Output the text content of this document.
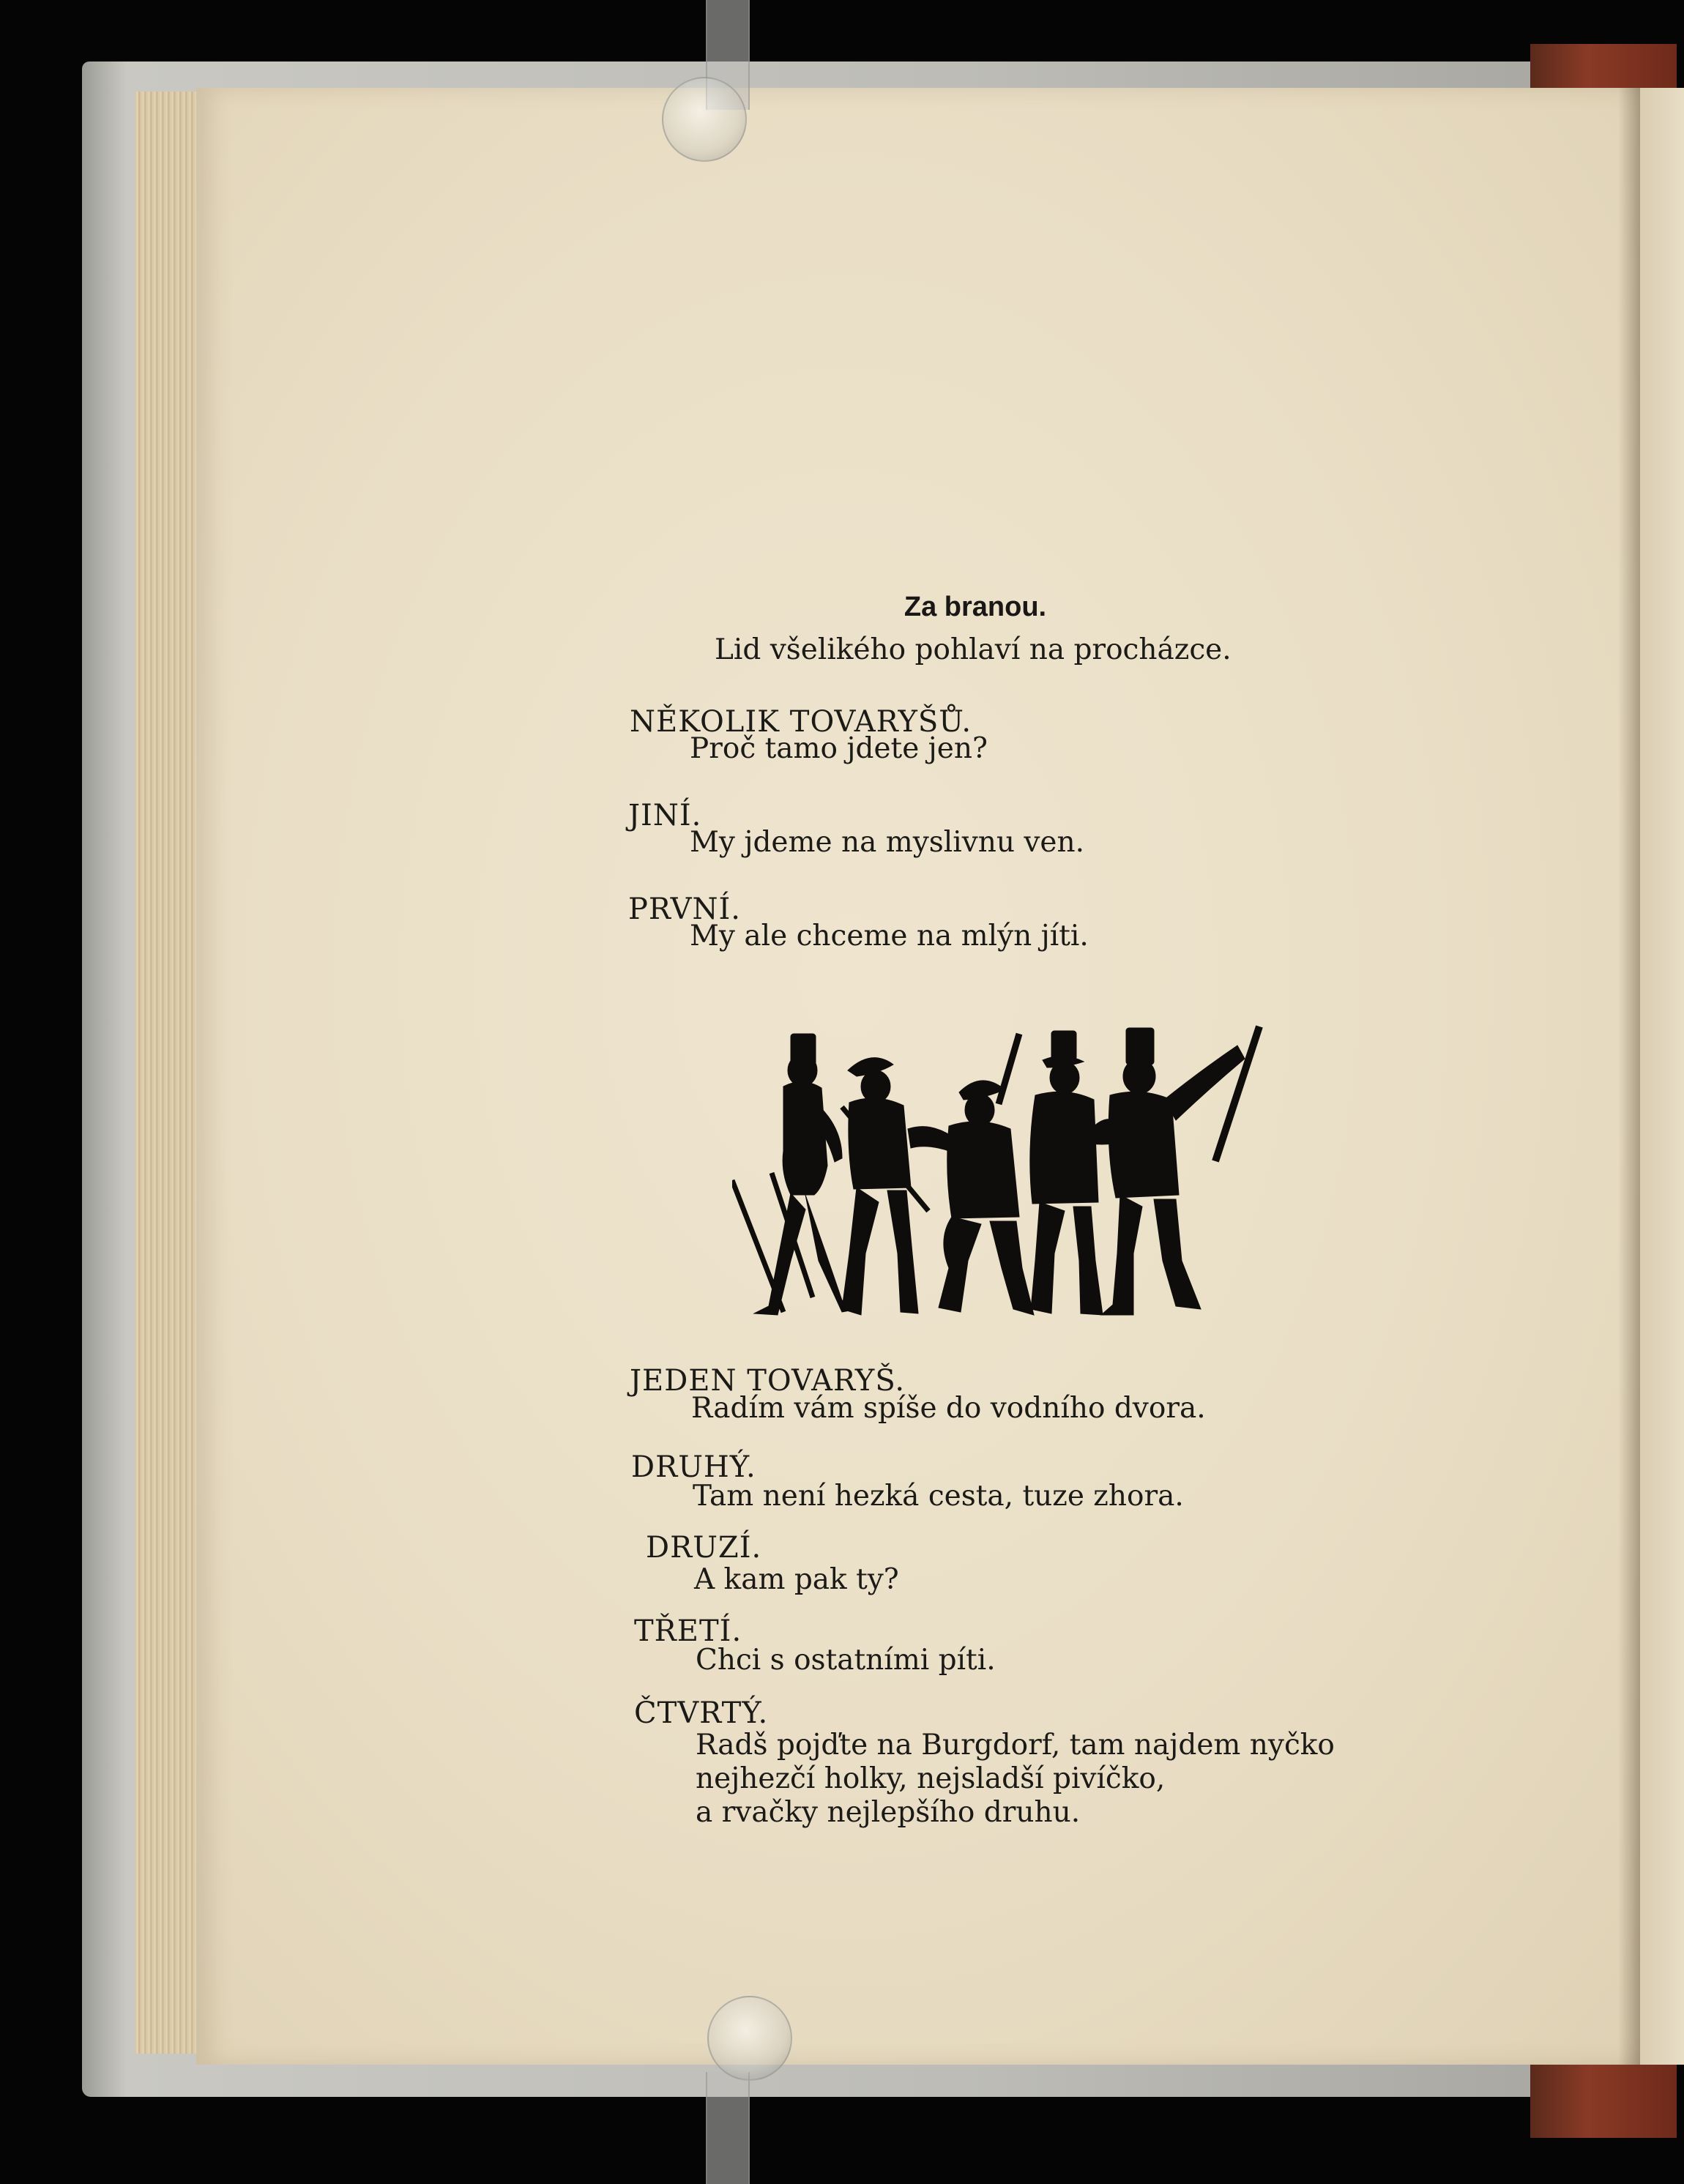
Za branou.
Lid všelikého pohlaví na procházce.
NĚKOLIK TOVARYŠŮ.
Proč tamo jdete jen?
JINÍ.
My jdeme na myslivnu ven.
PRVNÍ.
My ale chceme na mlýn jíti.
JEDEN TOVARYŠ.
Radím vám spíše do vodního dvora.
DRUHÝ.
Tam není hezká cesta, tuze zhora.
DRUZÍ.
A kam pak ty?
TŘETÍ.
Chci s ostatními píti.
ČTVRTÝ.
Radš pojďte na Burgdorf, tam najdem nyčko
nejhezčí holky, nejsladší pivíčko,
a rvačky nejlepšího druhu.
